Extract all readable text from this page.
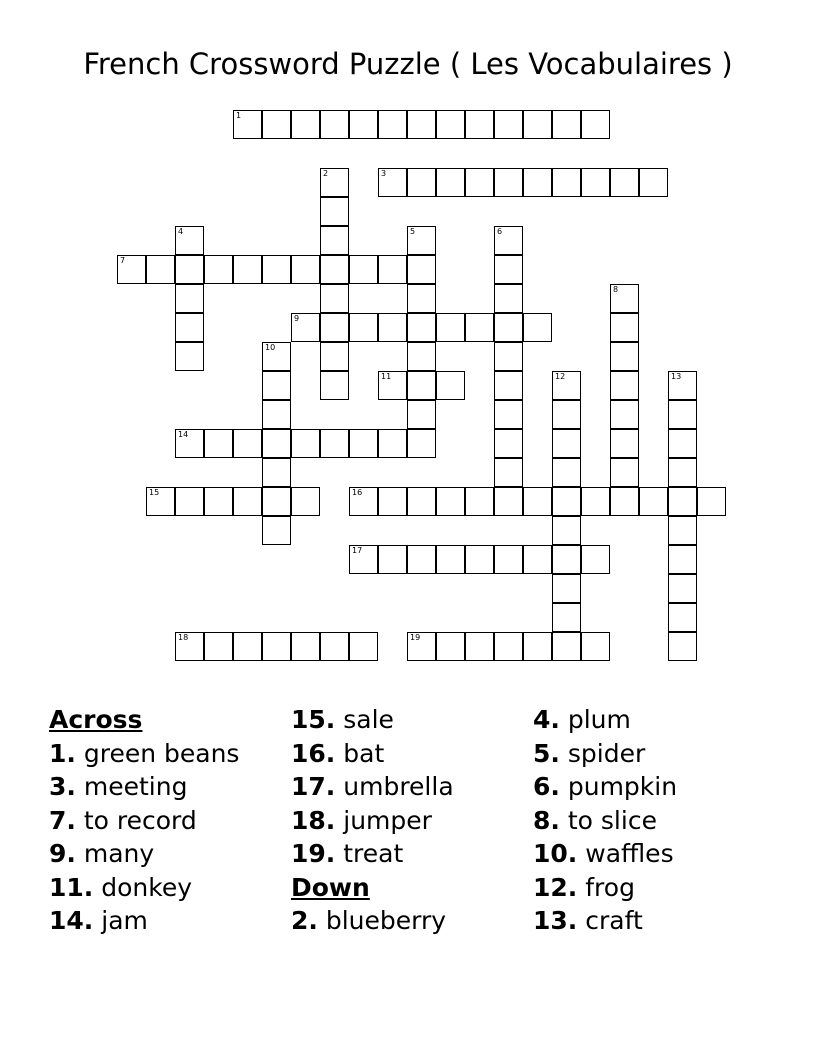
French Crossword Puzzle ( Les Vocabulaires )
1
3
7
9
11
14
15	16
17
18	19
2
4	5	6
8
10
12	13
Across
1. green beans
3. meeting
7. to record
9. many
11. donkey
14. jam
15. sale
16. bat
17. umbrella
18. jumper
19. treat
Down
2. blueberry
4. plum
5. spider
6. pumpkin
8. to slice
10. waffles
12. frog
13. craft
